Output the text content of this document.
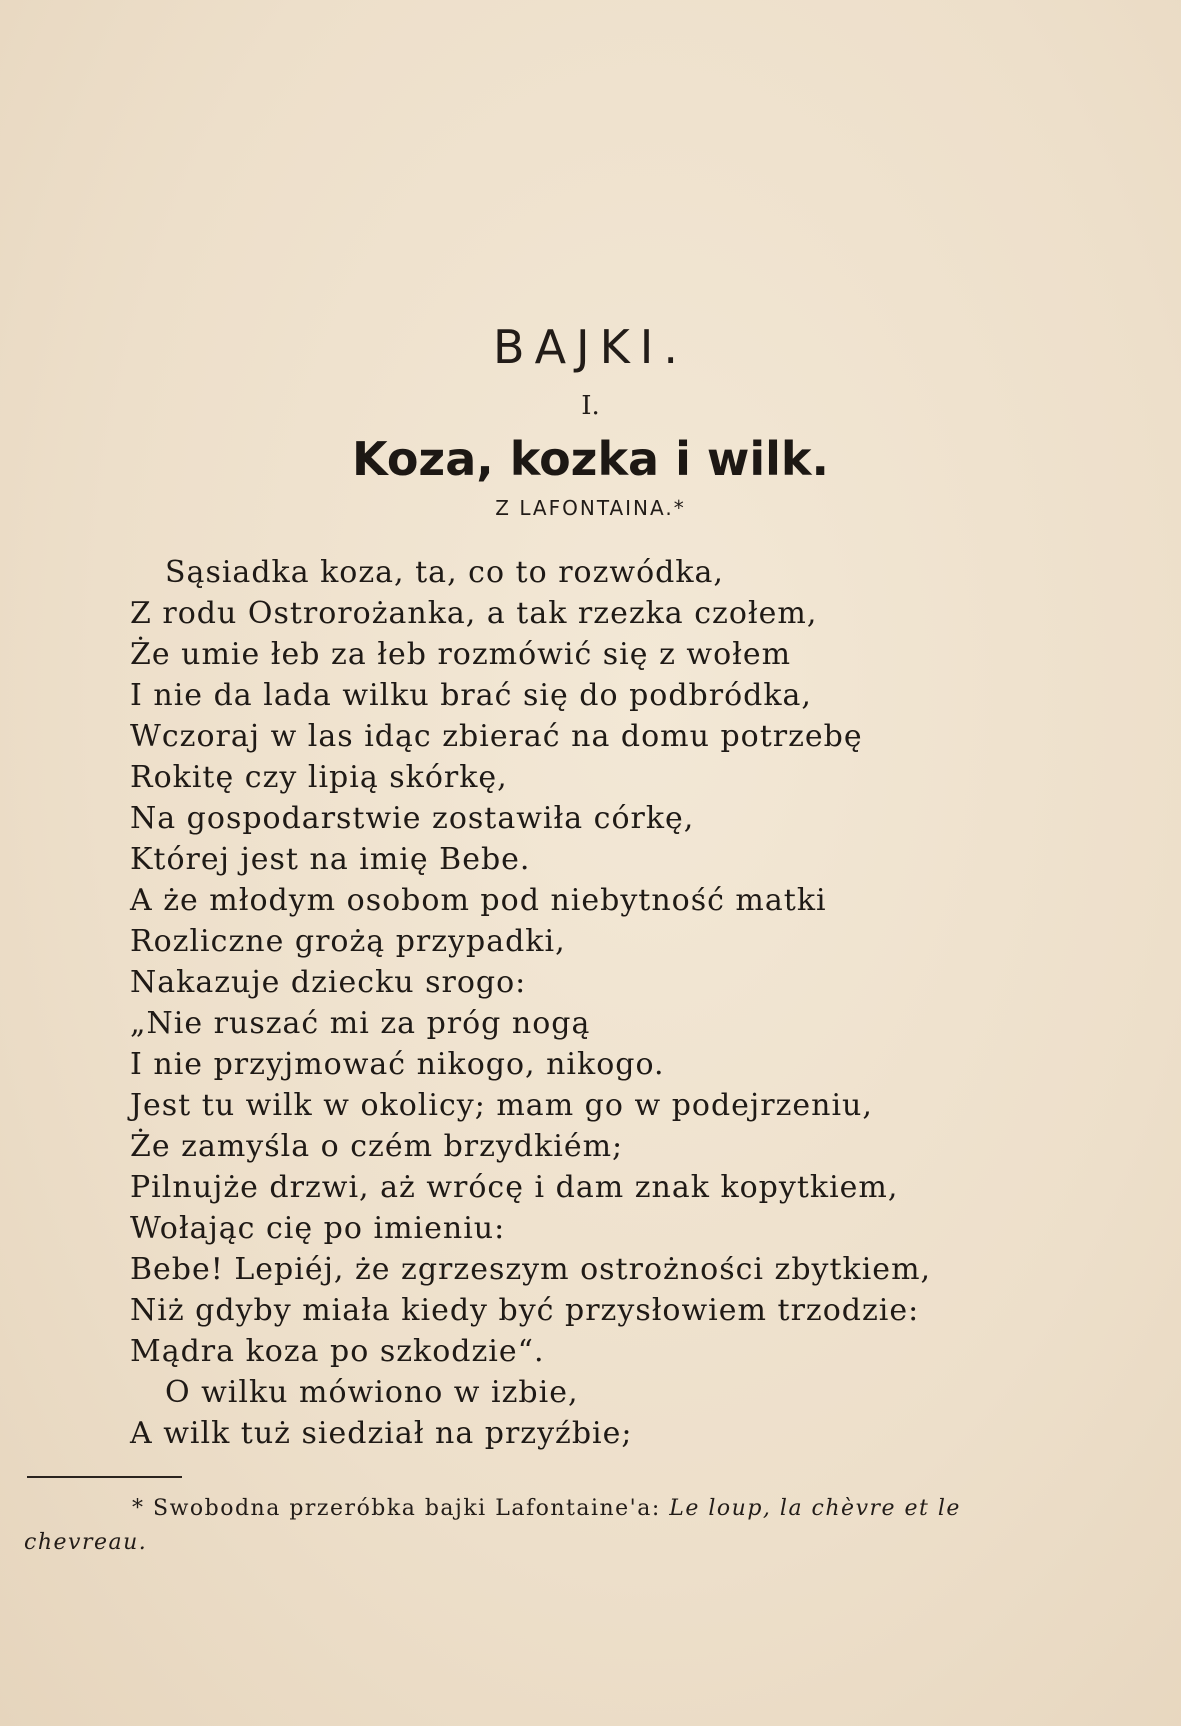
BAJKI.
I.
Koza, kozka i wilk.
Z LAFONTAINA.*
Sąsiadka koza, ta, co to rozwódka,
Z rodu Ostrorożanka, a tak rzezka czołem,
Że umie łeb za łeb rozmówić się z wołem
I nie da lada wilku brać się do podbródka,
Wczoraj w las idąc zbierać na domu potrzebę
Rokitę czy lipią skórkę,
Na gospodarstwie zostawiła córkę,
Której jest na imię Bebe.
A że młodym osobom pod niebytność matki
Rozliczne grożą przypadki,
Nakazuje dziecku srogo:
„Nie ruszać mi za próg nogą
I nie przyjmować nikogo, nikogo.
Jest tu wilk w okolicy; mam go w podejrzeniu,
Że zamyśla o czém brzydkiém;
Pilnujże drzwi, aż wrócę i dam znak kopytkiem,
Wołając cię po imieniu:
Bebe! Lepiéj, że zgrzeszym ostrożności zbytkiem,
Niż gdyby miała kiedy być przysłowiem trzodzie:
Mądra koza po szkodzie“.
O wilku mówiono w izbie,
A wilk tuż siedział na przyźbie;
* Swobodna przeróbka bajki Lafontaine'a: Le loup, la chèvre et le
chevreau.
